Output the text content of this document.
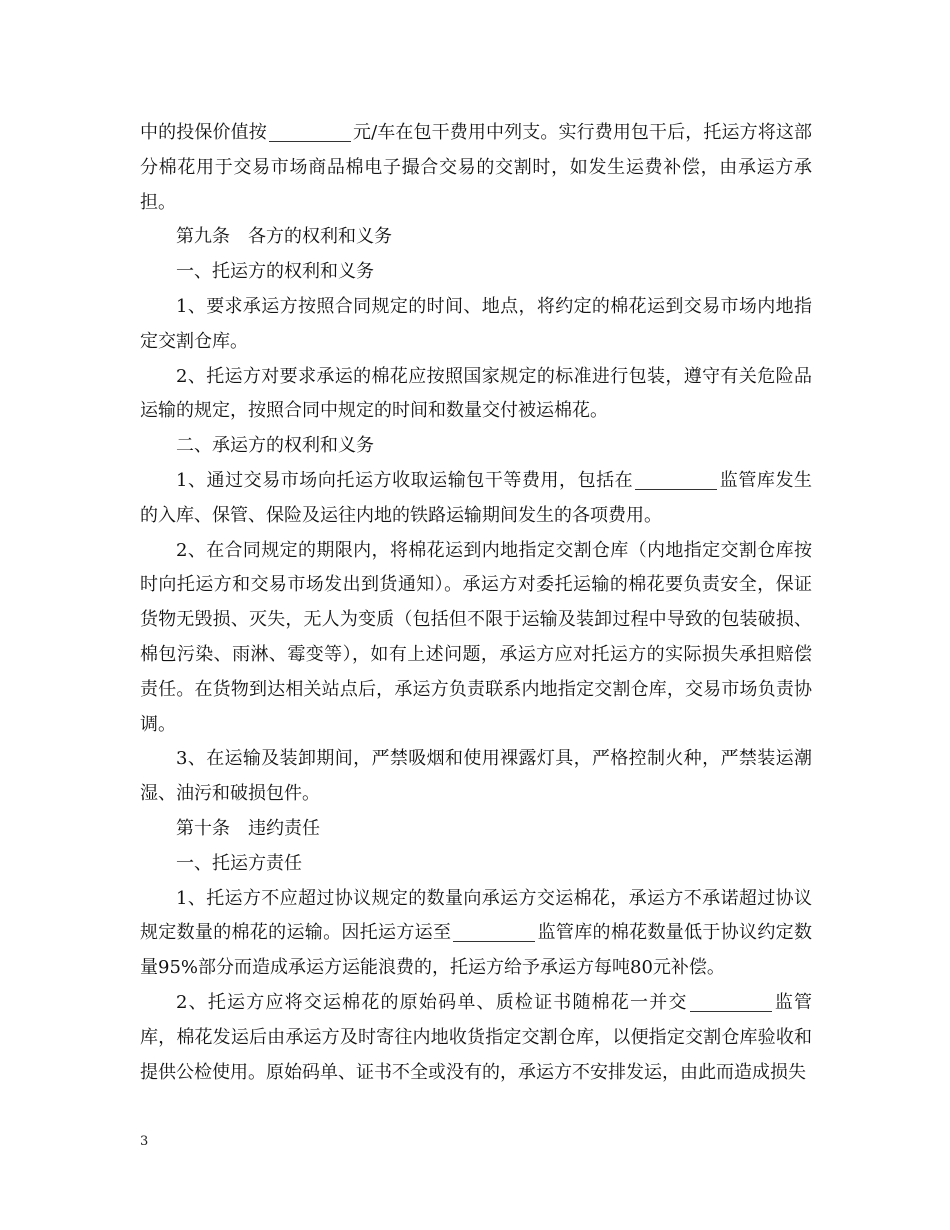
中的投保价值按	元/车在包干费用中列支。实行费用包干后，托运方将这部分棉花用于交易市场商品棉电子撮合交易的交割时，如发生运费补偿，由承运方承担。

第九条　各方的权利和义务

一、托运方的权利和义务

1、要求承运方按照合同规定的时间、地点，将约定的棉花运到交易市场内地指定交割仓库。

2、托运方对要求承运的棉花应按照国家规定的标准进行包装，遵守有关危险品运输的规定，按照合同中规定的时间和数量交付被运棉花。

二、承运方的权利和义务

1、通过交易市场向托运方收取运输包干等费用，包括在	监管库发生的入库、保管、保险及运往内地的铁路运输期间发生的各项费用。

2、在合同规定的期限内，将棉花运到内地指定交割仓库（内地指定交割仓库按时向托运方和交易市场发出到货通知）。承运方对委托运输的棉花要负责安全，保证货物无毁损、灭失，无人为变质（包括但不限于运输及装卸过程中导致的包装破损、棉包污染、雨淋、霉变等），如有上述问题，承运方应对托运方的实际损失承担赔偿责任。在货物到达相关站点后，承运方负责联系内地指定交割仓库，交易市场负责协调。

3、在运输及装卸期间，严禁吸烟和使用裸露灯具，严格控制火种，严禁装运潮湿、油污和破损包件。

第十条　违约责任

一、托运方责任

1、托运方不应超过协议规定的数量向承运方交运棉花，承运方不承诺超过协议规定数量的棉花的运输。因托运方运至	监管库的棉花数量低于协议约定数量95%部分而造成承运方运能浪费的，托运方给予承运方每吨80元补偿。

2、托运方应将交运棉花的原始码单、质检证书随棉花一并交	监管库，棉花发运后由承运方及时寄往内地收货指定交割仓库，以便指定交割仓库验收和提供公检使用。原始码单、证书不全或没有的，承运方不安排发运，由此而造成损失

3
